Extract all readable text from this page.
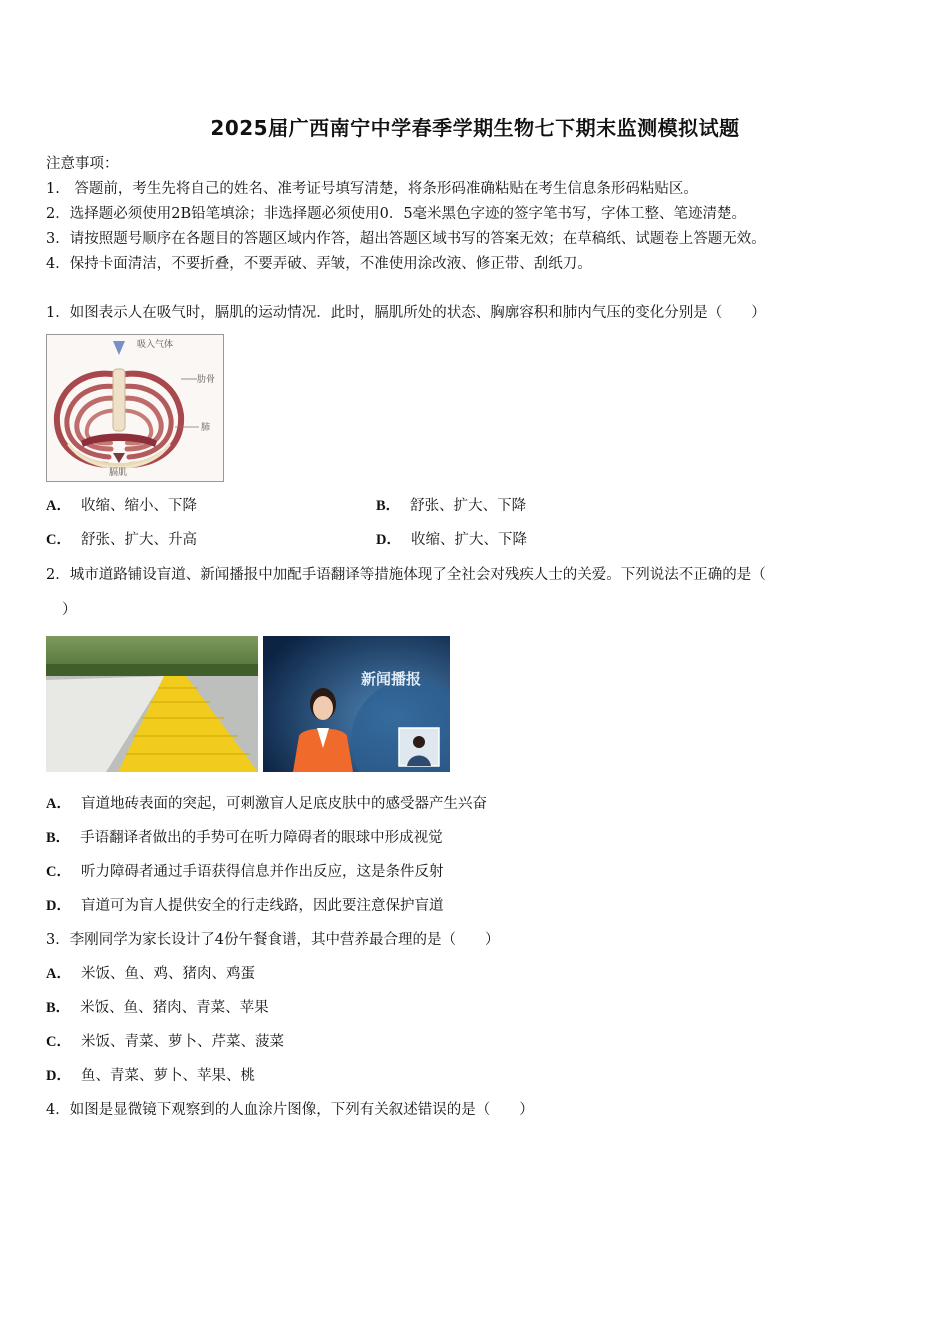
2025届广西南宁中学春季学期生物七下期末监测模拟试题
注意事项：
1.　答题前，考生先将自己的姓名、准考证号填写清楚，将条形码准确粘贴在考生信息条形码粘贴区。
2．选择题必须使用2B铅笔填涂；非选择题必须使用0．5毫米黑色字迹的签字笔书写，字体工整、笔迹清楚。
3．请按照题号顺序在各题目的答题区域内作答，超出答题区域书写的答案无效；在草稿纸、试题卷上答题无效。
4．保持卡面清洁，不要折叠，不要弄破、弄皱，不准使用涂改液、修正带、刮纸刀。
1．如图表示人在吸气时，膈肌的运动情况．此时，膈肌所处的状态、胸廓容积和肺内气压的变化分别是（　　）
吸入气体
肋骨
肺
膈肌
A． 收缩、缩小、下降	B． 舒张、扩大、下降
C． 舒张、扩大、升高	D． 收缩、扩大、下降
2．城市道路铺设盲道、新闻播报中加配手语翻译等措施体现了全社会对残疾人士的关爱。下列说法不正确的是（
）
新闻播报
A． 盲道地砖表面的突起，可刺激盲人足底皮肤中的感受器产生兴奋
B． 手语翻译者做出的手势可在听力障碍者的眼球中形成视觉
C． 听力障碍者通过手语获得信息并作出反应，这是条件反射
D． 盲道可为盲人提供安全的行走线路，因此要注意保护盲道
3．李刚同学为家长设计了4份午餐食谱，其中营养最合理的是（　　）
A． 米饭、鱼、鸡、猪肉、鸡蛋
B． 米饭、鱼、猪肉、青菜、苹果
C． 米饭、青菜、萝卜、芹菜、菠菜
D． 鱼、青菜、萝卜、苹果、桃
4．如图是显微镜下观察到的人血涂片图像，下列有关叙述错误的是（　　）
